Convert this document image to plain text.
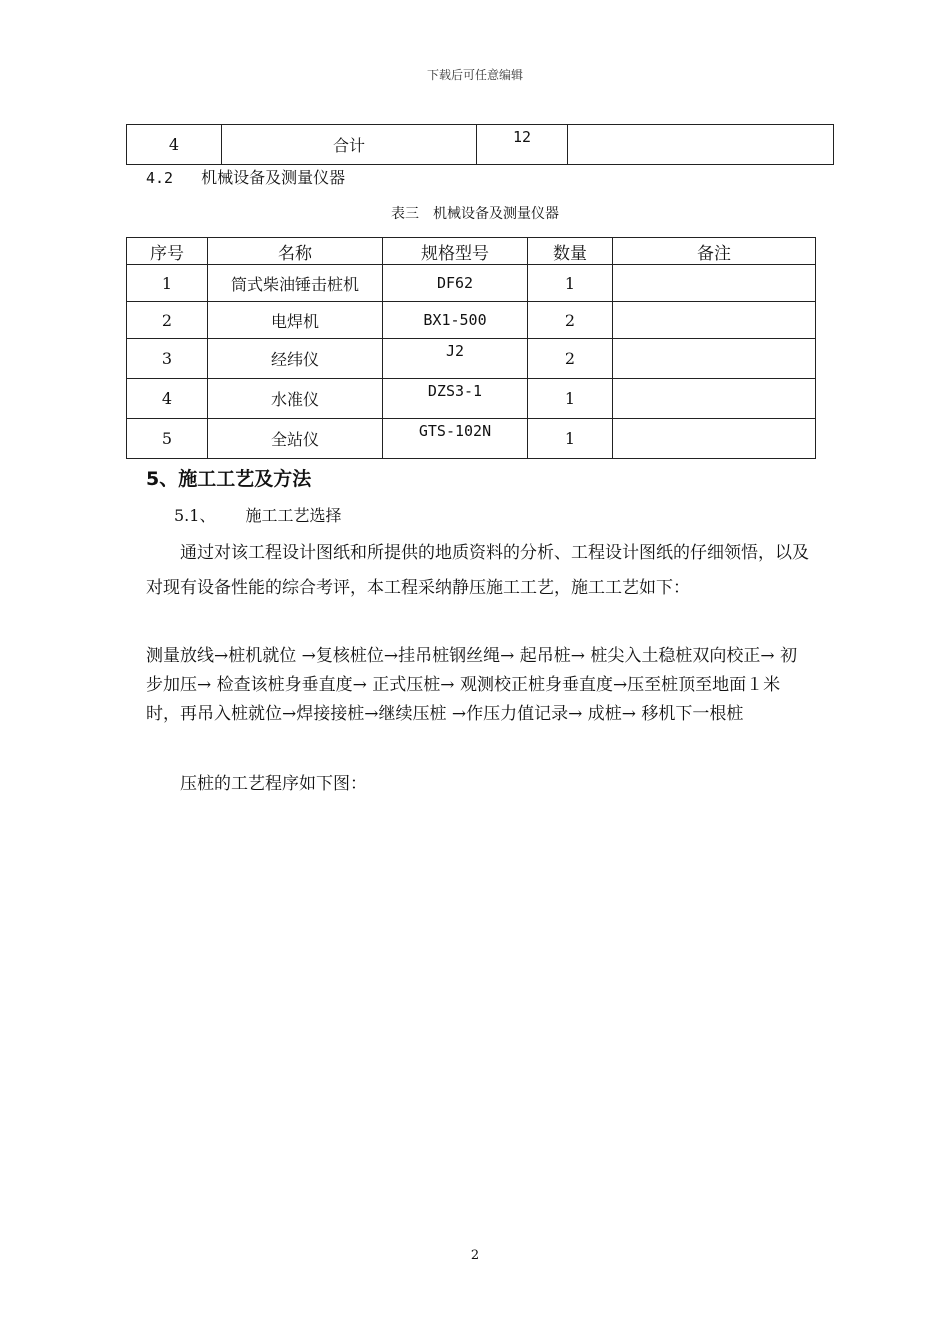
下载后可任意编辑
4	合计	12	
4.2 机械设备及测量仪器
表三 机械设备及测量仪器
序号	名称	规格型号	数量	备注
1	筒式柴油锤击桩机	DF62	1	
2	电焊机	BX1-500	2	
3	经纬仪	J2	2	
4	水准仪	DZS3-1	1	
5	全站仪	GTS-102N	1	
5、施工工艺及方法
5.1、 施工工艺选择
通过对该工程设计图纸和所提供的地质资料的分析、工程设计图纸的仔细领悟，以及对现有设备性能的综合考评，本工程采纳静压施工工艺，施工工艺如下：
测量放线→桩机就位 →复核桩位→挂吊桩钢丝绳→ 起吊桩→ 桩尖入土稳桩双向校正→ 初步加压→ 检查该桩身垂直度→ 正式压桩→ 观测校正桩身垂直度→压至桩顶至地面１米时，再吊入桩就位→焊接接桩→继续压桩 →作压力值记录→ 成桩→ 移机下一根桩
压桩的工艺程序如下图：
2
